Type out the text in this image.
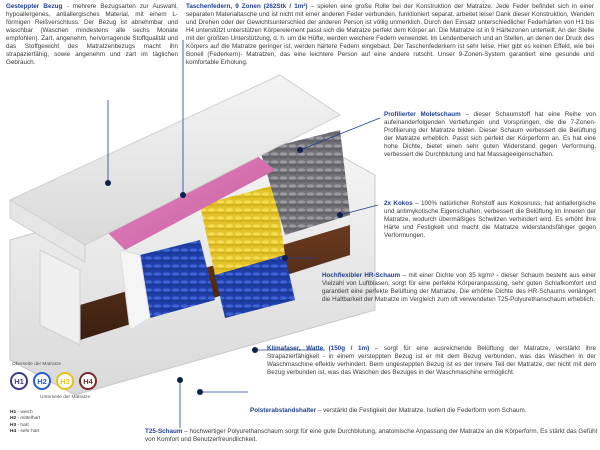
Gesteppter Bezug - mehrere Bezugsarten zur Auswahl, hypoallergenes, antiallergisches Material, mit einem L-förmigen Reißverschluss. Der Bezug ist abnehmbar und waschbar (Waschen mindestens alle sechs Monate empfohlen). Zart, angenehm, hervorragende Stoffqualität und das Stoffgewicht des Matratzenbezugs macht ihn strapazierfähig, sowie angenehm und zart im täglichen Gebrauch.
Taschenfedern, 9 Zonen (262Stk / 1m²) – spielen eine große Rolle bei der Konstruktion der Matratze. Jede Feder befindet sich in einer separaten Materialtasche und ist nicht mit einer anderen Feder verbunden, funktioniert separat, arbeitet leise! Dank dieser Konstruktion, Wenden und Drehen oder der Gewichtsunterschied der anderen Person ist völlig unmerklich. Durch den Einsatz unterschiedlicher Federhärten von H1 bis H4 unterstützt unterstützen Körperelement passt sich die Matratze perfekt dem Körper an. Die Matratze ist in 9 Härtezonen unterteilt. An der Stelle mit der größten Unterstützung, d. h. um die Hüfte, werden weichere Federn verwendet. Im Lendenbereich und an Stellen, an denen der Druck des Körpers auf die Matratze geringer ist, werden härtere Federn eingebaut. Der Taschenfederkern ist sehr leise. Hier gibt es keinen Effekt, wie bei Bonell (Federkern)- Matratzen, das eine leichtere Person auf eine andere rutscht. Unser 9-Zonen-System garantiert eine gesunde und komfortable Erholung.
Profilierter Moletschaum – dieser Schaumstoff hat eine Reihe von aufeinanderfolgenden Vertiefungen und Vorsprüngen, die die 7-Zonen-Profilierung der Matratze bilden. Dieser Schaum verbessert die Belüftung der Matratze erheblich. Passt sich perfekt der Körperform an. Es hat eine hohe Dichte, bietet einen sehr guten Widerstand gegen Verformung, verbessert die Durchblutung und hat Massageeigenschaften.
2x Kokos – 100% natürlicher Rohstoff aus Kokosnuss, hat antiallergische und antimykotische Eigenschaften, verbessert die Belüftung im Inneren der Matratze, wodurch übermäßiges Schwitzen verhindert wird. Es erhöht ihre Härte und Festigkeit und macht die Matratze widerstandsfähiger gegen Verformungen.
Hochflexibler HR-Schaum – mit einer Dichte von 35 kg/m³ - dieser Schaum besteht aus einer Vielzahl von Luftblasen, sorgt für eine perfekte Körperanpassung, sehr guten Schlafkomfort und garantiert eine perfekte Belüftung der Matratze. Die erhöhte Dichte des HR-Schaums verlängert die Haltbarkeit der Matratze im Vergleich zum oft verwendeten T25-Polyurethanschaum erheblich.
Klimafaser, Watte (150g / 1m) – sorgt für eine ausreichende Belüftung der Matratze, verstärkt ihre Strapazierfähigkeit - in einem versteppten Bezug ist er mit dem Bezug verbunden, was das Waschen in der Waschmaschine effektiv verhindert. Beim ungesteppten Bezug ist es der innere Teil der Matratze, der nicht mit dem Bezug verbunden ist, was das Waschen des Bezuges in der Waschmaschine ermöglicht.
Polsterabstandshalter – verstärkt die Festigkeit der Matratze. Isoliert die Federform vom Schaum.
T25-Schaum – hochwertiger Polyurethanschaum sorgt für eine gute Durchblutung, anatomische Anpassung der Matratze an die Körperform. Es stärkt das Gefühl von Komfort und Benutzerfreundlichkeit.
Oberseite der Matratze
H1	H2	H3	H4
Unterseite der Matratze
H1 - weich
H2 - mittelhart
H3 - hart
H4 - sehr hart
